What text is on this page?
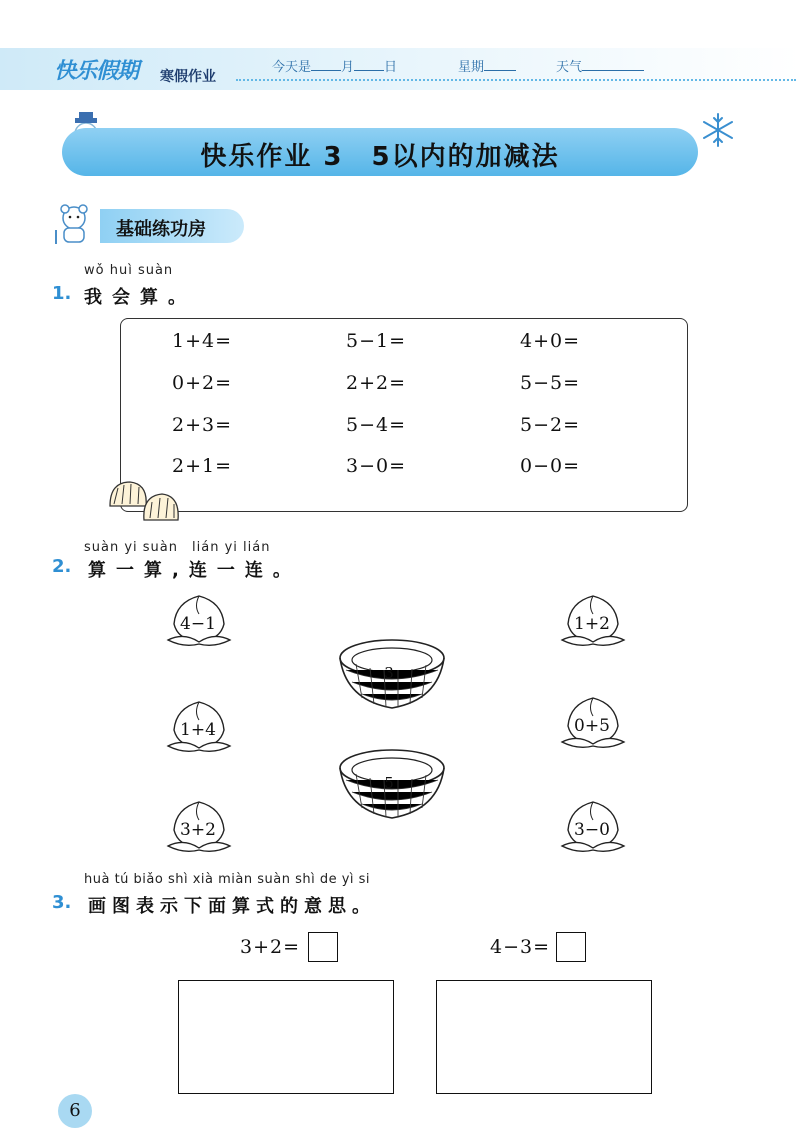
快乐假期 寒假作业
今天是 月 日	星期	天气
快乐作业 3　5以内的加减法
基础练功房
wǒ huì suàn
1. 我会算。
1+4=	5−1=	4+0=
0+2=	2+2=	5−5=
2+3=	5−4=	5−2=
2+1=	3−0=	0−0=
suàn yi suàn　lián yi lián
2. 算一算,连一连。
4−1
1+4
3+2
1+2
0+5
3−0
3
5
huà tú biǎo shì xià miàn suàn shì de yì si
3. 画图表示下面算式的意思。
3+2=	4−3=
6
